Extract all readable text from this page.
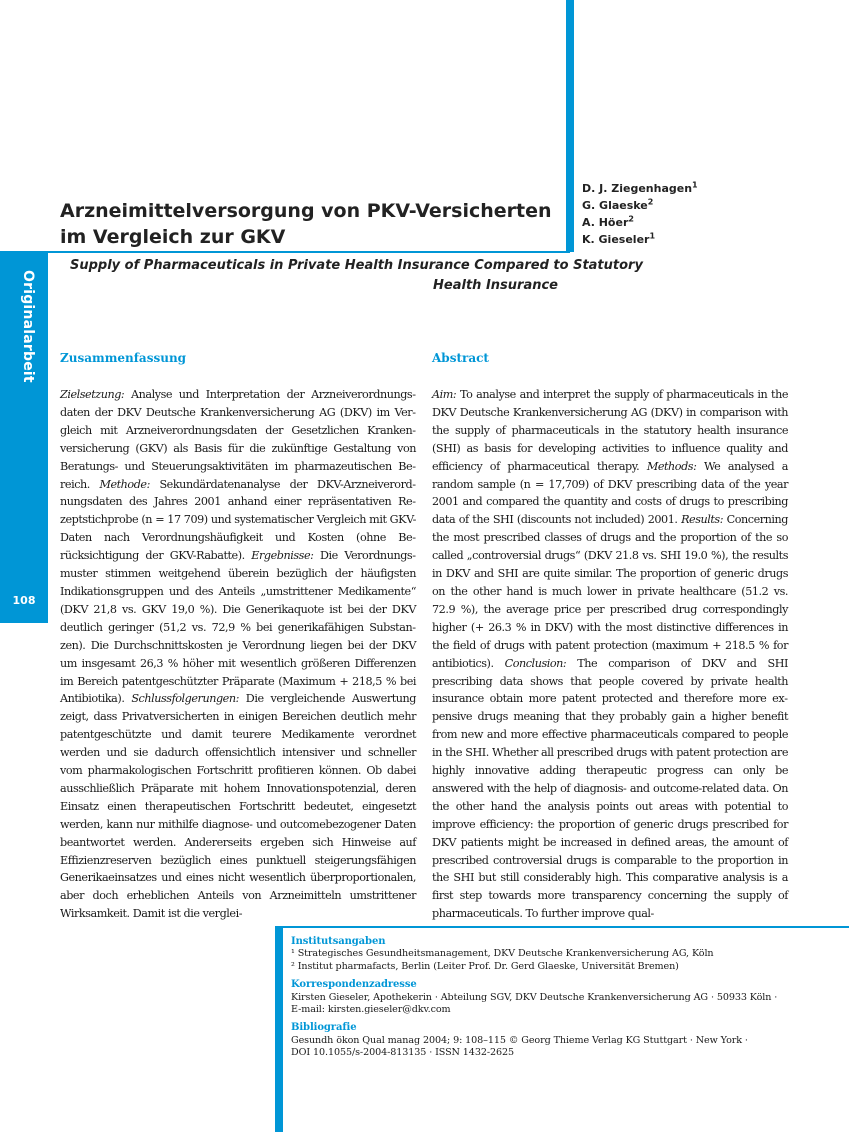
Originalarbeit
108
Arzneimittelversorgung von PKV-Versicherten
im Vergleich zur GKV
Supply of Pharmaceuticals in Private Health Insurance Compared to Statutory
Health Insurance
D. J. Ziegenhagen$^1$
G. Glaeske$^2$
A. Höer$^2$
K. Gieseler$^1$
Zusammenfassung

Zielsetzung: Analyse und Interpretation der Arzneiverordnungsdaten der DKV Deutsche Krankenversicherung AG (DKV) im Vergleich mit Arzneiverordnungsdaten der Gesetzlichen Krankenversicherung (GKV) als Basis für die zukünftige Gestaltung von Beratungs- und Steuerungsaktivitäten im pharmazeutischen Bereich. Methode: Sekundärdatenanalyse der DKV-Arzneiverordnungsdaten des Jahres 2001 anhand einer repräsentativen Rezeptstichprobe (n = 17 709) und systematischer Vergleich mit GKV-Daten nach Verordnungshäufigkeit und Kosten (ohne Berücksichtigung der GKV-Rabatte). Ergebnisse: Die Verordnungsmuster stimmen weitgehend überein bezüglich der häufigsten Indikationsgruppen und des Anteils „umstrittener Medikamente“ (DKV 21,8 vs. GKV 19,0 %). Die Generikaquote ist bei der DKV deutlich geringer (51,2 vs. 72,9 % bei generikafähigen Substanzen). Die Durchschnittskosten je Verordnung liegen bei der DKV um insgesamt 26,3 % höher mit wesentlich größeren Differenzen im Bereich patentgeschützter Präparate (Maximum + 218,5 % bei Antibiotika). Schlussfolgerungen: Die vergleichende Auswertung zeigt, dass Privatversicherten in einigen Bereichen deutlich mehr patentgeschützte und damit teurere Medikamente verordnet werden und sie dadurch offensichtlich intensiver und schneller vom pharmakologischen Fortschritt profitieren können. Ob dabei ausschließlich Präparate mit hohem Innovationspotenzial, deren Einsatz einen therapeutischen Fortschritt bedeutet, eingesetzt werden, kann nur mithilfe diagnose- und outcomebezogener Daten beantwortet werden. Andererseits ergeben sich Hinweise auf Effizienzreserven bezüglich eines punktuell steigerungsfähigen Generikaeinsatzes und eines nicht wesentlich überproportionalen, aber doch erheblichen Anteils von Arzneimitteln umstrittener Wirksamkeit. Damit ist die verglei-

Abstract

Aim: To analyse and interpret the supply of pharmaceuticals in the DKV Deutsche Krankenversicherung AG (DKV) in comparison with the supply of pharmaceuticals in the statutory health insurance (SHI) as basis for developing activities to influence quality and efficiency of pharmaceutical therapy. Methods: We analysed a random sample (n = 17,709) of DKV prescribing data of the year 2001 and compared the quantity and costs of drugs to prescribing data of the SHI (discounts not included) 2001. Results: Concerning the most prescribed classes of drugs and the proportion of the so called „controversial drugs“ (DKV 21.8 vs. SHI 19.0 %), the results in DKV and SHI are quite similar. The proportion of generic drugs on the other hand is much lower in private healthcare (51.2 vs. 72.9 %), the average price per prescribed drug correspondingly higher (+ 26.3 % in DKV) with the most distinctive differences in the field of drugs with patent protection (maximum + 218.5 % for antibiotics). Conclusion: The comparison of DKV and SHI prescribing data shows that people covered by private health insurance obtain more patent protected and therefore more expensive drugs meaning that they probably gain a higher benefit from new and more effective pharmaceuticals compared to people in the SHI. Whether all prescribed drugs with patent protection are highly innovative adding therapeutic progress can only be answered with the help of diagnosis- and outcome-related data. On the other hand the analysis points out areas with potential to improve efficiency: the proportion of generic drugs prescribed for DKV patients might be increased in defined areas, the amount of prescribed controversial drugs is comparable to the proportion in the SHI but still considerably high. This comparative analysis is a first step towards more transparency concerning the supply of pharmaceuticals. To further improve qual-

Institutsangaben
¹ Strategisches Gesundheitsmanagement, DKV Deutsche Krankenversicherung AG, Köln
² Institut pharmafacts, Berlin (Leiter Prof. Dr. Gerd Glaeske, Universität Bremen)
Korrespondenzadresse
Kirsten Gieseler, Apothekerin · Abteilung SGV, DKV Deutsche Krankenversicherung AG · 50933 Köln ·
E-mail: kirsten.gieseler@dkv.com
Bibliografie
Gesundh ökon Qual manag 2004; 9: 108–115 © Georg Thieme Verlag KG Stuttgart · New York ·
DOI 10.1055/s-2004-813135 · ISSN 1432-2625
